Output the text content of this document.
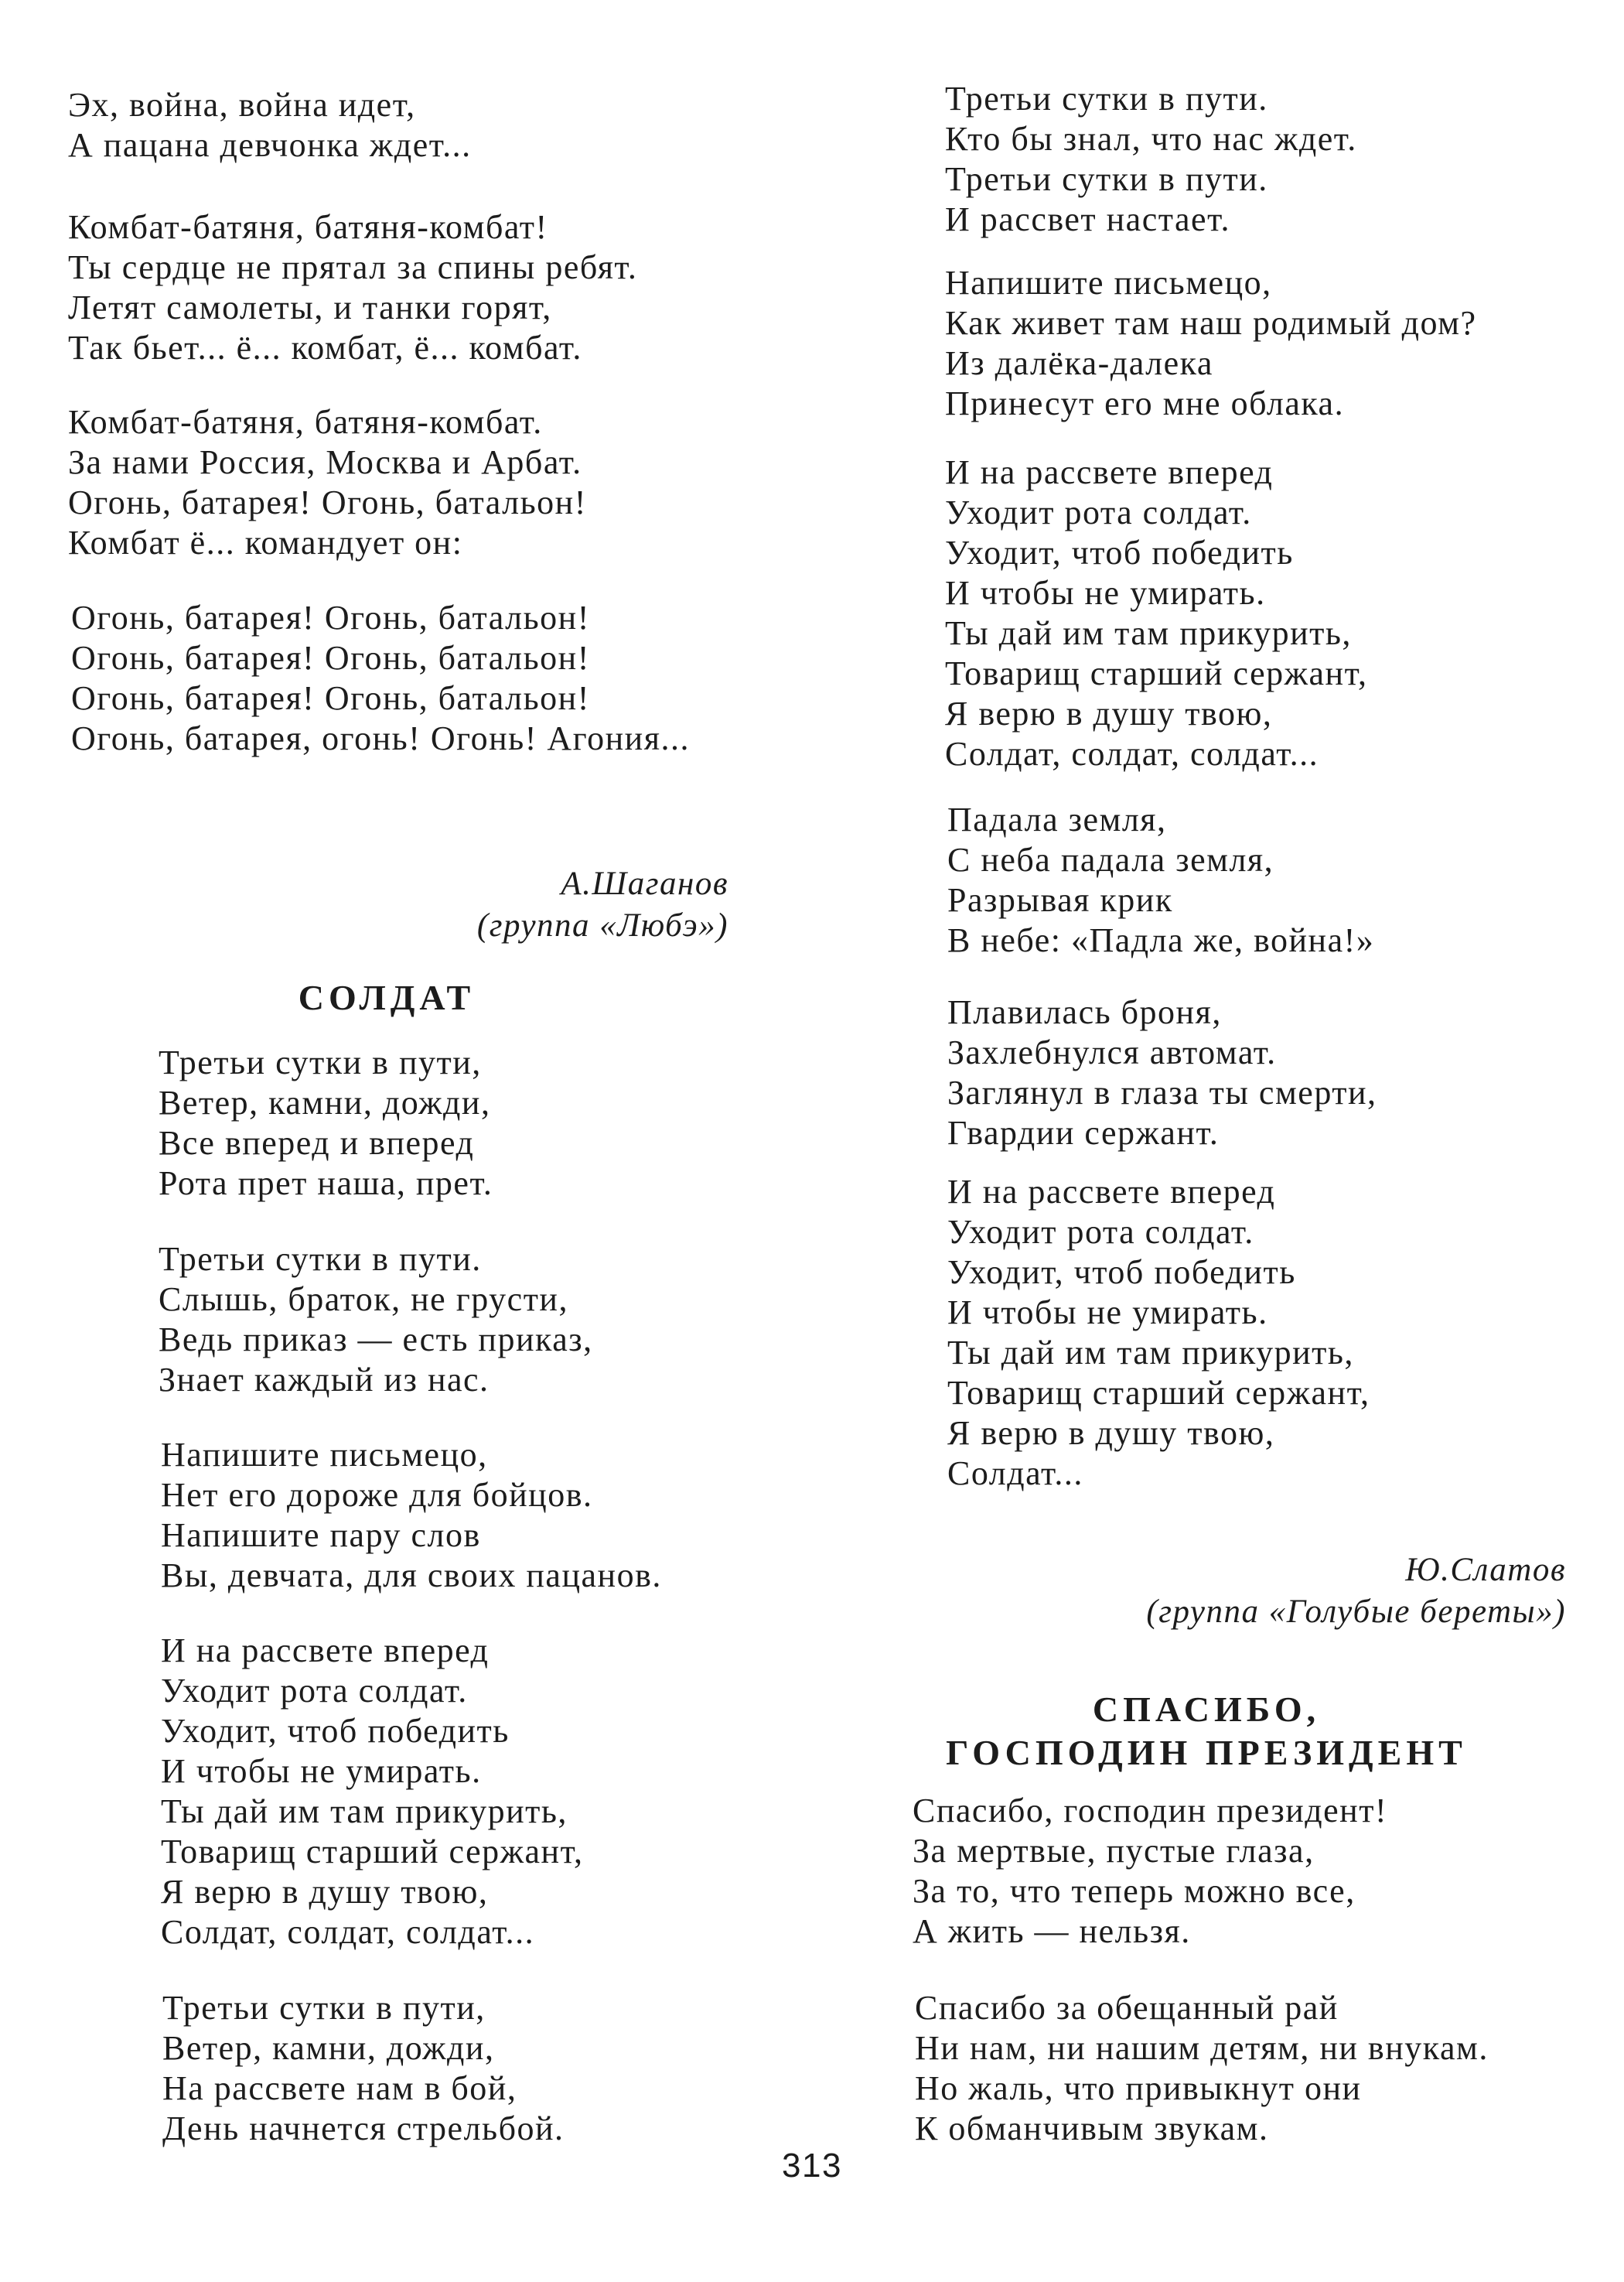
Эх, война, война идет,
А пацана девчонка ждет...
Комбат-батяня, батяня-комбат!
Ты сердце не прятал за спины ребят.
Летят самолеты, и танки горят,
Так бьет... ё... комбат, ё... комбат.
Комбат-батяня, батяня-комбат.
За нами Россия, Москва и Арбат.
Огонь, батарея! Огонь, батальон!
Комбат ё... командует он:
Огонь, батарея! Огонь, батальон!
Огонь, батарея! Огонь, батальон!
Огонь, батарея! Огонь, батальон!
Огонь, батарея, огонь! Огонь! Агония...
А.Шаганов
(группа «Любэ»)
СОЛДАТ
Третьи сутки в пути,
Ветер, камни, дожди,
Все вперед и вперед
Рота прет наша, прет.
Третьи сутки в пути.
Слышь, браток, не грусти,
Ведь приказ — есть приказ,
Знает каждый из нас.
Напишите письмецо,
Нет его дороже для бойцов.
Напишите пару слов
Вы, девчата, для своих пацанов.
И на рассвете вперед
Уходит рота солдат.
Уходит, чтоб победить
И чтобы не умирать.
Ты дай им там прикурить,
Товарищ старший сержант,
Я верю в душу твою,
Солдат, солдат, солдат...
Третьи сутки в пути,
Ветер, камни, дожди,
На рассвете нам в бой,
День начнется стрельбой.
Третьи сутки в пути.
Кто бы знал, что нас ждет.
Третьи сутки в пути.
И рассвет настает.
Напишите письмецо,
Как живет там наш родимый дом?
Из далёка-далека
Принесут его мне облака.
И на рассвете вперед
Уходит рота солдат.
Уходит, чтоб победить
И чтобы не умирать.
Ты дай им там прикурить,
Товарищ старший сержант,
Я верю в душу твою,
Солдат, солдат, солдат...
Падала земля,
С неба падала земля,
Разрывая крик
В небе: «Падла же, война!»
Плавилась броня,
Захлебнулся автомат.
Заглянул в глаза ты смерти,
Гвардии сержант.
И на рассвете вперед
Уходит рота солдат.
Уходит, чтоб победить
И чтобы не умирать.
Ты дай им там прикурить,
Товарищ старший сержант,
Я верю в душу твою,
Солдат...
Ю.Слатов
(группа «Голубые береты»)
СПАСИБО,
ГОСПОДИН ПРЕЗИДЕНТ
Спасибо, господин президент!
За мертвые, пустые глаза,
За то, что теперь можно все,
А жить — нельзя.
Спасибо за обещанный рай
Ни нам, ни нашим детям, ни внукам.
Но жаль, что привыкнут они
К обманчивым звукам.
313
